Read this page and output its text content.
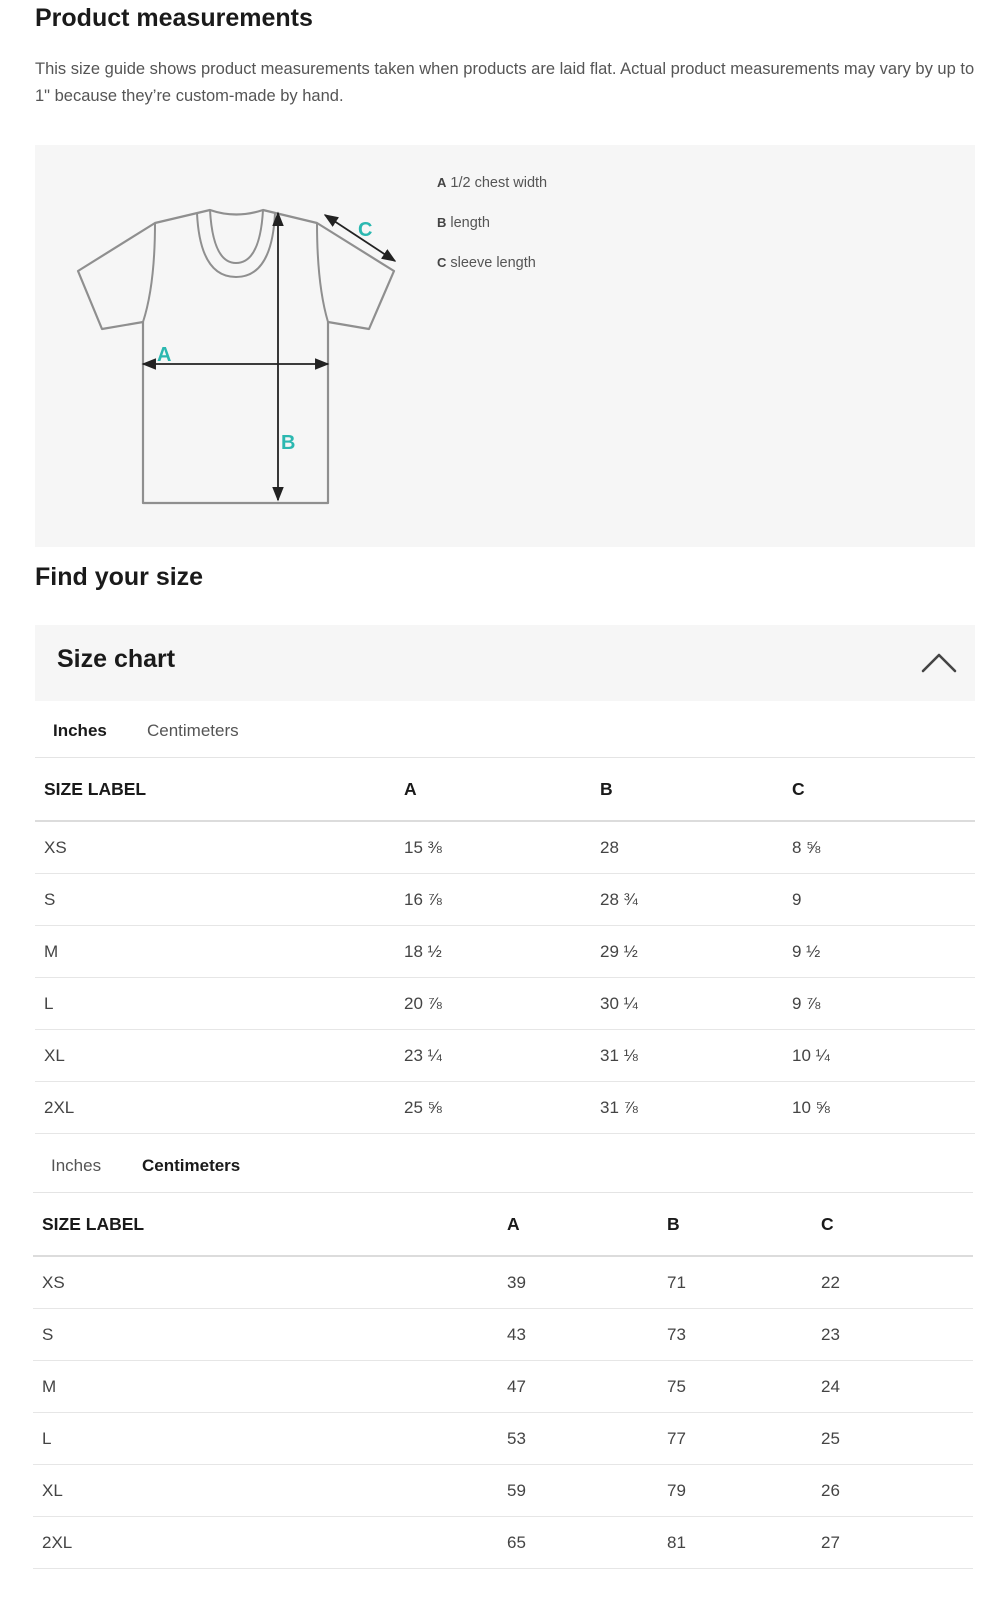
Product measurements

This size guide shows product measurements taken when products are laid flat. Actual product measurements may vary by up to 1" because they’re custom-made by hand.

A
B
C
A 1/2 chest width
B length
C sleeve length
Find your size
Size chart
Inches Centimeters
SIZE LABEL	A	B	C
XS	15 ⅜	28	8 ⅝
S	16 ⅞	28 ¾	9
M	18 ½	29 ½	9 ½
L	20 ⅞	30 ¼	9 ⅞
XL	23 ¼	31 ⅛	10 ¼
2XL	25 ⅝	31 ⅞	10 ⅝
Inches Centimeters
SIZE LABEL	A	B	C
XS	39	71	22
S	43	73	23
M	47	75	24
L	53	77	25
XL	59	79	26
2XL	65	81	27
